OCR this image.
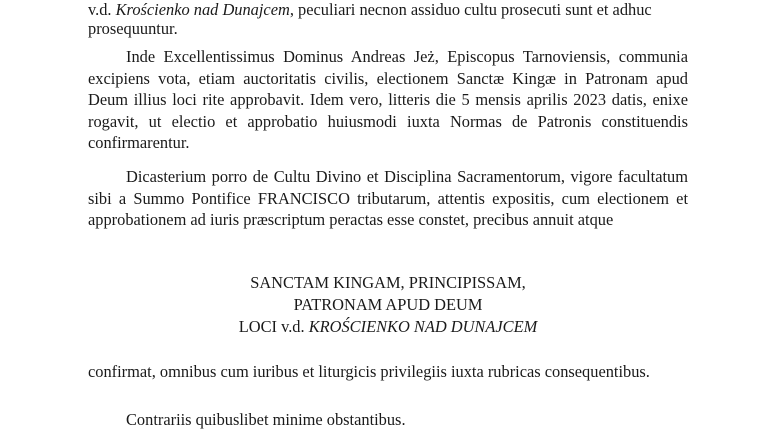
v.d. Krościenko nad Dunajcem, peculiari necnon assiduo cultu prosecuti sunt et adhuc
prosequuntur.

Inde Excellentissimus Dominus Andreas Jeż, Episcopus Tarnoviensis, communia excipiens vota, etiam auctoritatis civilis, electionem Sanctæ Kingæ in Patronam apud Deum illius loci rite approbavit. Idem vero, litteris die 5 mensis aprilis 2023 datis, enixe rogavit, ut electio et approbatio huiusmodi iuxta Normas de Patronis constituendis confirmarentur.

Dicasterium porro de Cultu Divino et Disciplina Sacramentorum, vigore facultatum sibi a Summo Pontifice FRANCISCO tributarum, attentis expositis, cum electionem et approbationem ad iuris præscriptum peractas esse constet, precibus annuit atque

SANCTAM KINGAM, PRINCIPISSAM,
PATRONAM APUD DEUM
LOCI v.d. KROŚCIENKO NAD DUNAJCEM

confirmat, omnibus cum iuribus et liturgicis privilegiis iuxta rubricas consequentibus.

Contrariis quibuslibet minime obstantibus.
